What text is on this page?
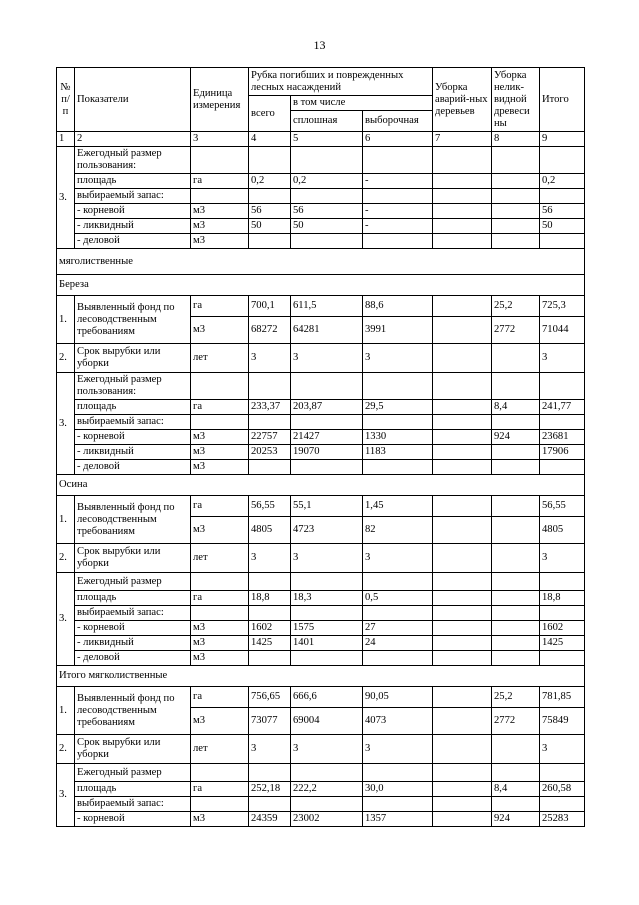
13
№ п/п	Показатели	Единица измерения	Рубка погибших и поврежденных лесных насаждений			Уборка аварий-ных деревьев	Уборка нелик-видной древеси ны	Итого
			всего	в том числе				
				сплошная	выборочная			
1	2	3	4	5	6	7	8	9
3.	Ежегодный размер пользования:							
	площадь	га	0,2	0,2	-			0,2
	выбираемый запас:							
	- корневой	м3	56	56	-			56
	- ликвидный	м3	50	50	-			50
	- деловой	м3						
мяголиственные								
Береза								
1.	Выявленный фонд по лесоводственным требованиям	га	700,1	611,5	88,6		25,2	725,3
		м3	68272	64281	3991		2772	71044
2.	Срок вырубки или уборки	лет	3	3	3			3
3.	Ежегодный размер пользования:							
	площадь	га	233,37	203,87	29,5		8,4	241,77
	выбираемый запас:							
	- корневой	м3	22757	21427	1330		924	23681
	- ликвидный	м3	20253	19070	1183			17906
	- деловой	м3						
Осина								
1.	Выявленный фонд по лесоводственным требованиям	га	56,55	55,1	1,45			56,55
		м3	4805	4723	82			4805
2.	Срок вырубки или уборки	лет	3	3	3			3
3.	Ежегодный размер							
	площадь	га	18,8	18,3	0,5			18,8
	выбираемый запас:							
	- корневой	м3	1602	1575	27			1602
	- ликвидный	м3	1425	1401	24			1425
	- деловой	м3						
Итого мягколиственные								
1.	Выявленный фонд по лесоводственным требованиям	га	756,65	666,6	90,05		25,2	781,85
		м3	73077	69004	4073		2772	75849
2.	Срок вырубки или уборки	лет	3	3	3			3
3.	Ежегодный размер							
	площадь	га	252,18	222,2	30,0		8,4	260,58
	выбираемый запас:							
	- корневой	м3	24359	23002	1357		924	25283
